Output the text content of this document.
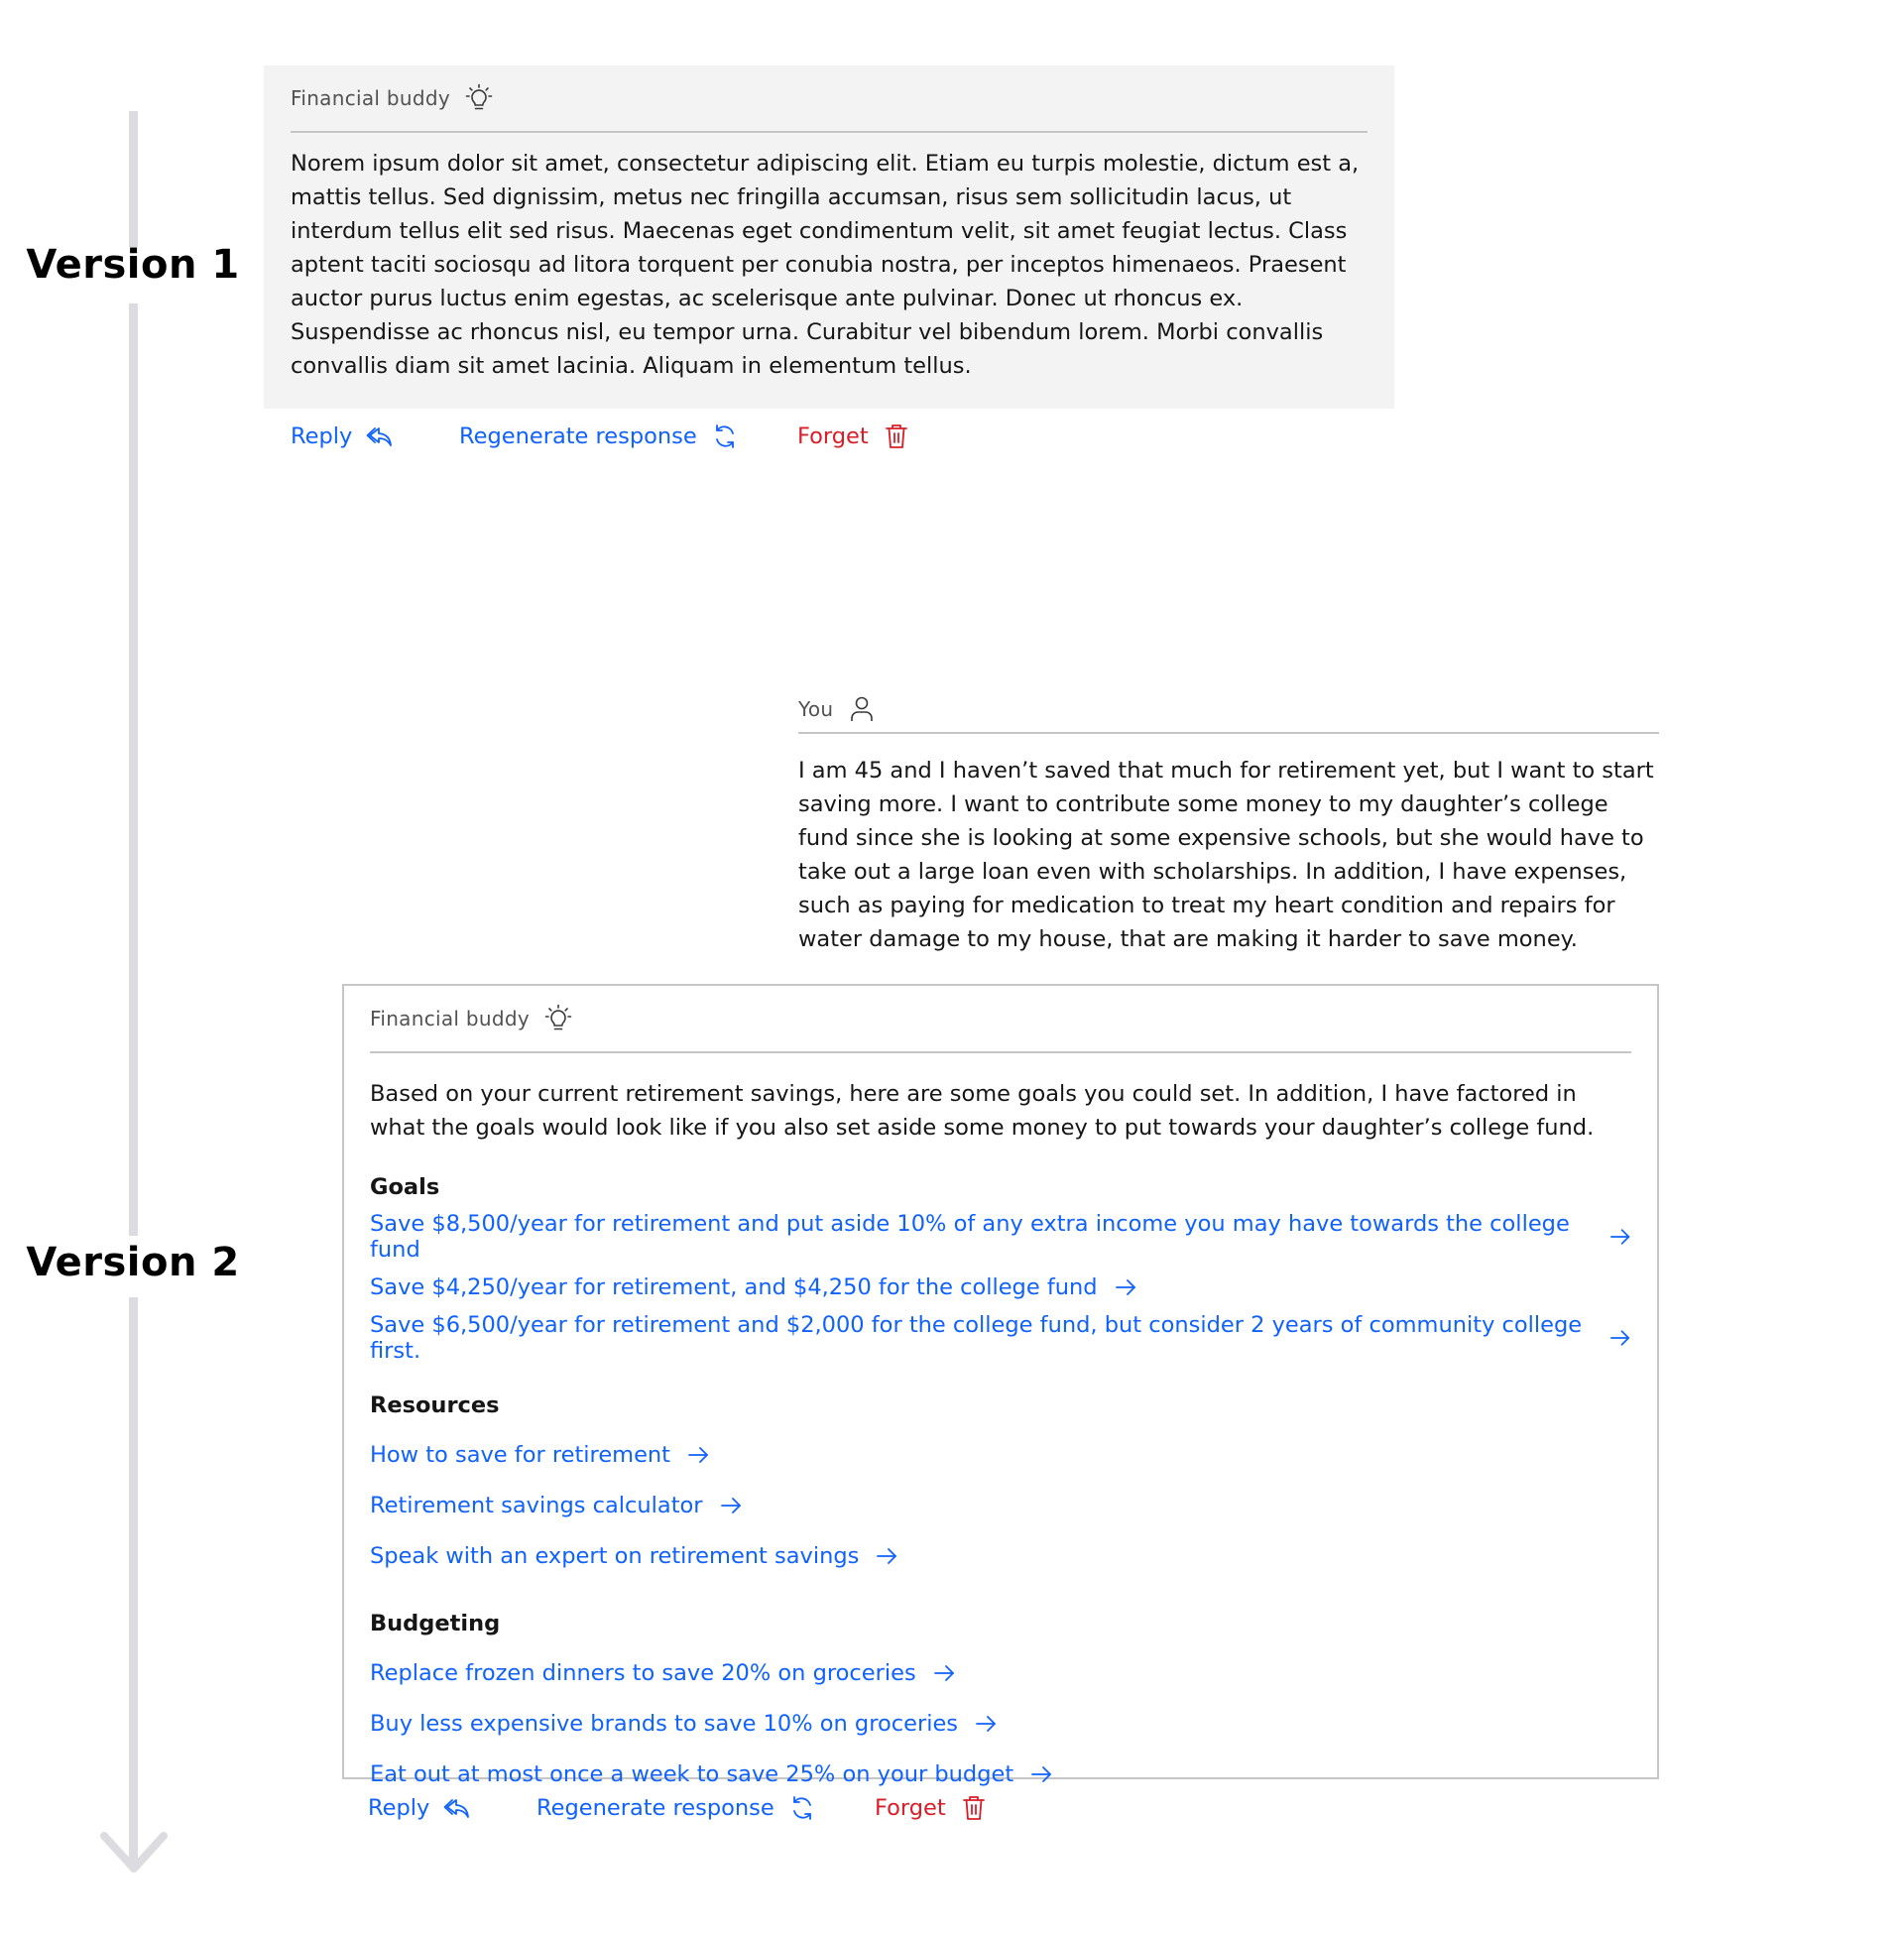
Version 1
Version 2
Financial buddy
Norem ipsum dolor sit amet, consectetur adipiscing elit. Etiam eu turpis molestie, dictum est a, mattis tellus. Sed dignissim, metus nec fringilla accumsan, risus sem sollicitudin lacus, ut interdum tellus elit sed risus. Maecenas eget condimentum velit, sit amet feugiat lectus. Class aptent taciti sociosqu ad litora torquent per conubia nostra, per inceptos himenaeos. Praesent auctor purus luctus enim egestas, ac scelerisque ante pulvinar. Donec ut rhoncus ex. Suspendisse ac rhoncus nisl, eu tempor urna. Curabitur vel bibendum lorem. Morbi convallis convallis diam sit amet lacinia. Aliquam in elementum tellus.
Reply	Regenerate response	Forget
You
I am 45 and I haven’t saved that much for retirement yet, but I want to start saving more. I want to contribute some money to my daughter’s college fund since she is looking at some expensive schools, but she would have to take out a large loan even with scholarships. In addition, I have expenses, such as paying for medication to treat my heart condition and repairs for water damage to my house, that are making it harder to save money.
Financial buddy
Based on your current retirement savings, here are some goals you could set. In addition, I have factored in what the goals would look like if you also set aside some money to put towards your daughter’s college fund.
Goals
Save $8,500/year for retirement and put aside 10% of any extra income you may have towards the college fund
Save $4,250/year for retirement, and $4,250 for the college fund
Save $6,500/year for retirement and $2,000 for the college fund, but consider 2 years of community college first.
Resources
How to save for retirement
Retirement savings calculator
Speak with an expert on retirement savings
Budgeting
Replace frozen dinners to save 20% on groceries
Buy less expensive brands to save 10% on groceries
Eat out at most once a week to save 25% on your budget
Reply	Regenerate response	Forget
